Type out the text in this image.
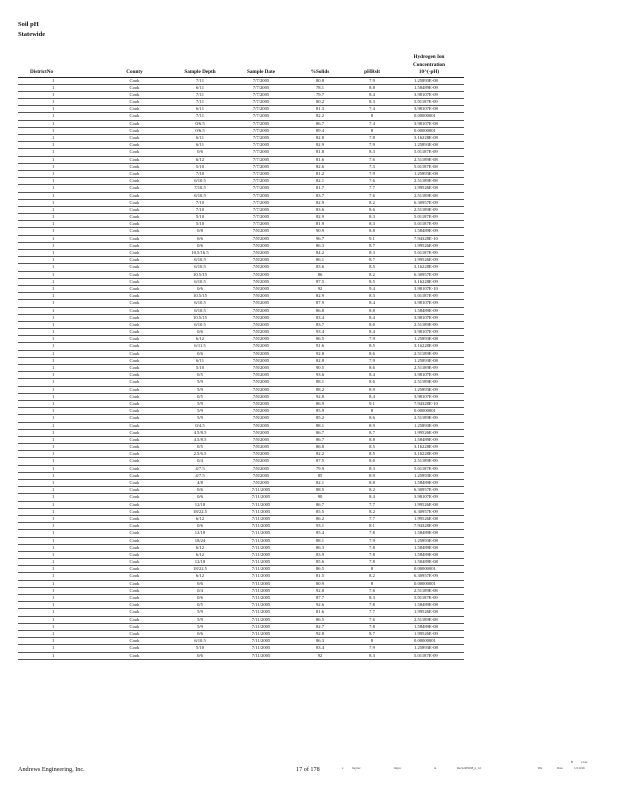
Soil pH
Statewide
						Hydrogen Ion
						Concentration
DistrictNo	County	Sample Depth	Sample Date	%Solids	pHRslt	10^(-pH)
1	Cook	7/11	7/7/2005	80.8	7.9	1.25893E-08
1	Cook	6/11	7/7/2005	78.1	8.8	1.58489E-09
1	Cook	7/11	7/7/2005	79.7	8.4	3.98107E-09
1	Cook	7/11	7/7/2005	80.2	8.3	5.01187E-09
1	Cook	6/11	7/7/2005	81.3	7.4	3.98107E-08
1	Cook	7/11	7/7/2005	82.2	8	0.00000001
1	Cook	0/6.5	7/7/2005	86.7	7.4	3.98107E-08
1	Cook	0/6.5	7/7/2005	89.4	8	0.00000001
1	Cook	6/11	7/7/2005	82.8	7.8	3.16228E-08
1	Cook	6/11	7/7/2005	82.9	7.9	1.25893E-08
1	Cook	0/6	7/7/2005	81.8	8.3	5.01187E-09
1	Cook	6/12	7/7/2005	81.6	7.6	2.51189E-08
1	Cook	5/10	7/7/2005	82.6	7.3	5.01187E-08
1	Cook	7/10	7/7/2005	81.2	7.9	1.25893E-08
1	Cook	6/10.5	7/7/2005	82.1	7.6	2.51189E-08
1	Cook	7/10.5	7/7/2005	81.7	7.7	1.99526E-08
1	Cook	6/10.5	7/7/2005	83.7	7.6	2.51189E-08
1	Cook	7/10	7/7/2005	82.9	8.2	6.30957E-09
1	Cook	7/10	7/7/2005	83.6	8.6	2.51189E-09
1	Cook	5/10	7/7/2005	82.9	8.3	5.01187E-09
1	Cook	5/10	7/7/2005	81.9	8.3	5.01187E-09
1	Cook	0/8	7/8/2005	90.9	8.8	1.58489E-09
1	Cook	0/6	7/8/2005	96.7	9.1	7.94328E-10
1	Cook	0/6	7/8/2005	86.3	8.7	1.99526E-09
1	Cook	10.5/16.5	7/8/2005	84.2	8.3	5.01187E-09
1	Cook	6/10.5	7/8/2005	86.1	8.7	1.99526E-09
1	Cook	6/10.5	7/8/2005	83.6	8.5	3.16228E-09
1	Cook	10.5/15	7/8/2005	86	8.2	6.30957E-09
1	Cook	6/10.5	7/8/2005	87.5	8.5	3.16228E-09
1	Cook	0/6	7/8/2005	92	9.4	3.98107E-10
1	Cook	10.5/15	7/8/2005	82.9	8.3	5.01187E-09
1	Cook	6/10.5	7/8/2005	87.9	8.4	3.98107E-09
1	Cook	6/10.5	7/8/2005	86.8	8.8	1.58489E-09
1	Cook	10.5/15	7/8/2005	83.4	8.4	3.98107E-09
1	Cook	6/10.5	7/8/2005	83.7	8.6	2.51189E-09
1	Cook	0/6	7/8/2005	93.4	8.4	3.98107E-09
1	Cook	6/12	7/8/2005	86.5	7.9	1.25893E-08
1	Cook	6/11.5	7/8/2005	91.6	8.5	3.16228E-09
1	Cook	0/6	7/8/2005	92.8	8.6	2.51189E-09
1	Cook	6/11	7/8/2005	82.8	7.9	1.25893E-08
1	Cook	5/10	7/8/2005	90.5	8.6	2.51189E-09
1	Cook	0/5	7/8/2005	93.6	8.4	3.98107E-09
1	Cook	5/9	7/8/2005	88.1	8.6	2.51189E-09
1	Cook	5/9	7/8/2005	88.2	8.9	1.25893E-09
1	Cook	0/5	7/8/2005	92.8	8.4	3.98107E-09
1	Cook	5/9	7/8/2005	86.9	9.1	7.94328E-10
1	Cook	5/9	7/8/2005	85.9	8	0.00000001
1	Cook	5/9	7/8/2005	85.2	8.6	2.51189E-09
1	Cook	0/4.5	7/8/2005	88.1	8.9	1.25893E-09
1	Cook	4.5/8.5	7/8/2005	86.7	8.7	1.99526E-09
1	Cook	4.5/8.5	7/8/2005	86.7	8.8	1.58489E-09
1	Cook	0/5	7/8/2005	86.8	8.5	3.16228E-09
1	Cook	2.5/6.5	7/8/2005	82.2	8.5	3.16228E-09
1	Cook	0/4	7/8/2005	87.5	8.6	2.51189E-09
1	Cook	4/7.5	7/8/2005	79.9	8.3	5.01187E-09
1	Cook	4/7.5	7/8/2005	85	8.9	1.25893E-09
1	Cook	4/8	7/8/2005	82.1	8.8	1.58489E-09
1	Cook	0/6	7/11/2005	88.5	8.2	6.30957E-09
1	Cook	0/6	7/11/2005	90	8.4	3.98107E-09
1	Cook	12/18	7/11/2005	86.7	7.7	1.99526E-08
1	Cook	18/22.5	7/11/2005	85.5	8.2	6.30957E-09
1	Cook	6/12	7/11/2005	86.2	7.7	1.99526E-08
1	Cook	0/6	7/11/2005	93.1	8.1	7.94328E-09
1	Cook	12/18	7/11/2005	85.4	7.8	1.58489E-08
1	Cook	18/24	7/11/2005	88.1	7.9	1.25893E-08
1	Cook	6/12	7/11/2005	86.3	7.8	1.58489E-08
1	Cook	6/12	7/11/2005	83.9	7.8	1.58489E-08
1	Cook	12/18	7/11/2005	85.6	7.8	1.58489E-08
1	Cook	18/22.5	7/11/2005	86.5	8	0.00000001
1	Cook	6/12	7/11/2005	81.5	8.2	6.30957E-09
1	Cook	0/6	7/11/2005	80.9	8	0.00000001
1	Cook	0/4	7/11/2005	92.8	7.6	2.51189E-08
1	Cook	0/6	7/11/2005	87.7	8.3	5.01187E-09
1	Cook	0/5	7/11/2005	92.6	7.8	1.58489E-08
1	Cook	5/9	7/11/2005	81.6	7.7	1.99526E-08
1	Cook	5/9	7/11/2005	86.5	7.6	2.51189E-08
1	Cook	5/9	7/11/2005	82.7	7.8	1.58489E-08
1	Cook	0/6	7/11/2005	92.8	8.7	1.99526E-09
1	Cook	6/10.5	7/11/2005	86.3	8	0.00000001
1	Cook	5/10	7/11/2005	83.4	7.9	1.25893E-08
1	Cook	0/6	7/11/2005	92	8.3	5.01187E-09
Andrews Engineering, Inc.	17 of 178	a	lngcaic	lntyec	ia	Reclart05008_p_1d	Dle	Dote	1/2 2016
B	p law
